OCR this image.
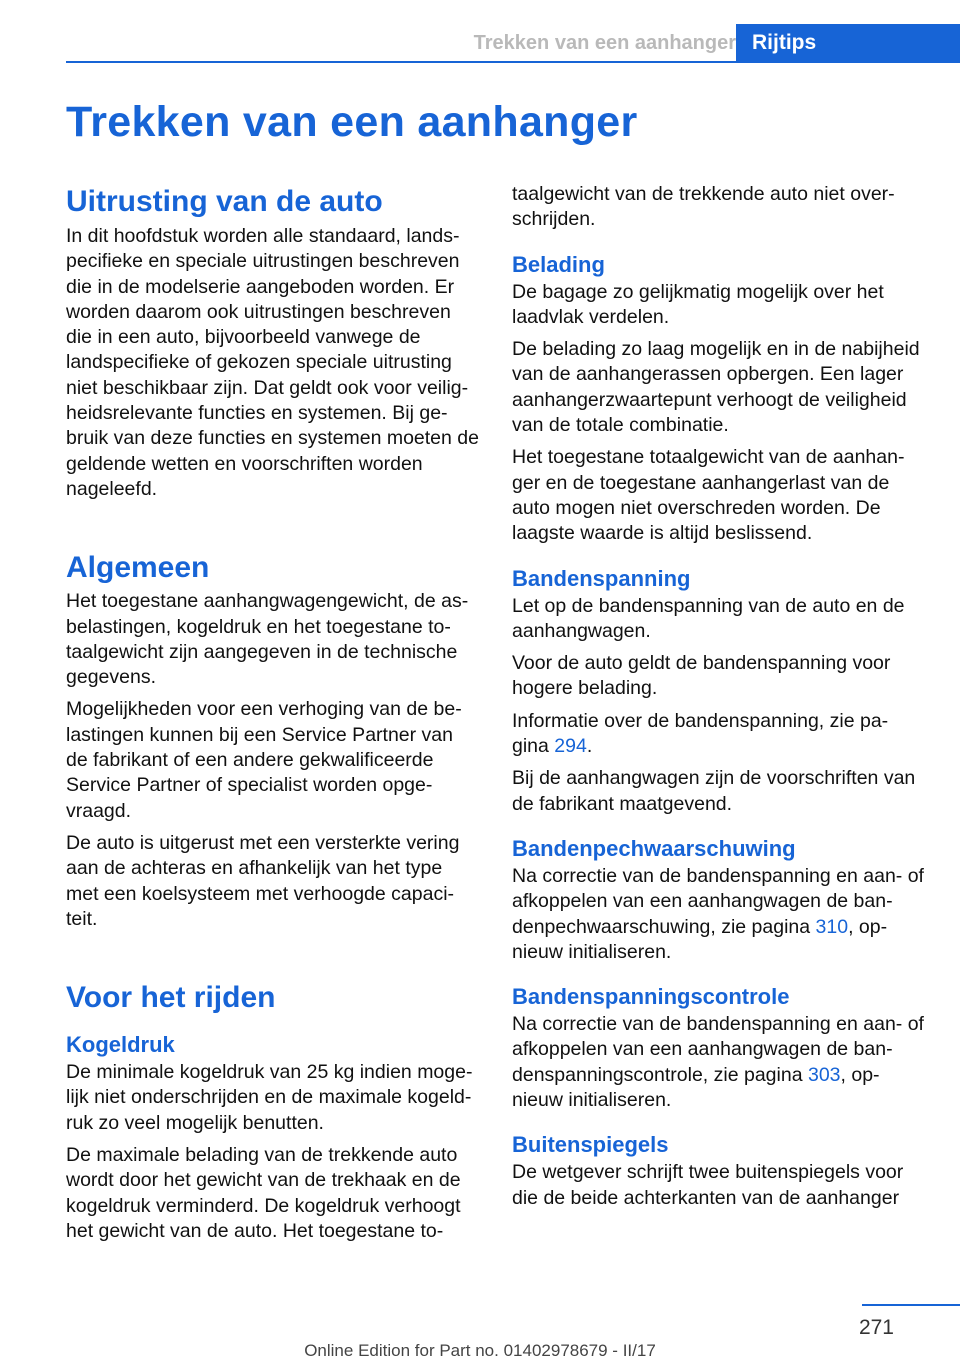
Trekken van een aanhanger Rijtips
Trekken van een aanhanger
Uitrusting van de auto

In dit hoofdstuk worden alle standaard, lands- pecifieke en speciale uitrustingen beschreven die in de modelserie aangeboden worden. Er worden daarom ook uitrustingen beschreven die in een auto, bijvoorbeeld vanwege de landspecifieke of gekozen speciale uitrusting niet beschikbaar zijn. Dat geldt ook voor veilig- heidsrelevante functies en systemen. Bij ge- bruik van deze functies en systemen moeten de geldende wetten en voorschriften worden nageleefd.

Algemeen

Het toegestane aanhangwagengewicht, de as- belastingen, kogeldruk en het toegestane to- taalgewicht zijn aangegeven in de technische gegevens.

Mogelijkheden voor een verhoging van de be- lastingen kunnen bij een Service Partner van de fabrikant of een andere gekwalificeerde Service Partner of specialist worden opge- vraagd.

De auto is uitgerust met een versterkte vering aan de achteras en afhankelijk van het type met een koelsysteem met verhoogde capaci- teit.

Voor het rijden
Kogeldruk

De minimale kogeldruk van 25 kg indien moge- lijk niet onderschrijden en de maximale kogeld- ruk zo veel mogelijk benutten.

De maximale belading van de trekkende auto wordt door het gewicht van de trekhaak en de kogeldruk verminderd. De kogeldruk verhoogt het gewicht van de auto. Het toegestane to-

taalgewicht van de trekkende auto niet over- schrijden.

Belading

De bagage zo gelijkmatig mogelijk over het laadvlak verdelen.

De belading zo laag mogelijk en in de nabijheid van de aanhangerassen opbergen. Een lager aanhangerzwaartepunt verhoogt de veiligheid van de totale combinatie.

Het toegestane totaalgewicht van de aanhan- ger en de toegestane aanhangerlast van de auto mogen niet overschreden worden. De laagste waarde is altijd beslissend.

Bandenspanning

Let op de bandenspanning van de auto en de aanhangwagen.

Voor de auto geldt de bandenspanning voor hogere belading.

Informatie over de bandenspanning, zie pa- gina 294.

Bij de aanhangwagen zijn de voorschriften van de fabrikant maatgevend.

Bandenpechwaarschuwing

Na correctie van de bandenspanning en aan- of afkoppelen van een aanhangwagen de ban- denpechwaarschuwing, zie pagina 310, op- nieuw initialiseren.

Bandenspanningscontrole

Na correctie van de bandenspanning en aan- of afkoppelen van een aanhangwagen de ban- denspanningscontrole, zie pagina 303, op- nieuw initialiseren.

Buitenspiegels

De wetgever schrijft twee buitenspiegels voor die de beide achterkanten van de aanhanger

271
Online Edition for Part no. 01402978679 - II/17
